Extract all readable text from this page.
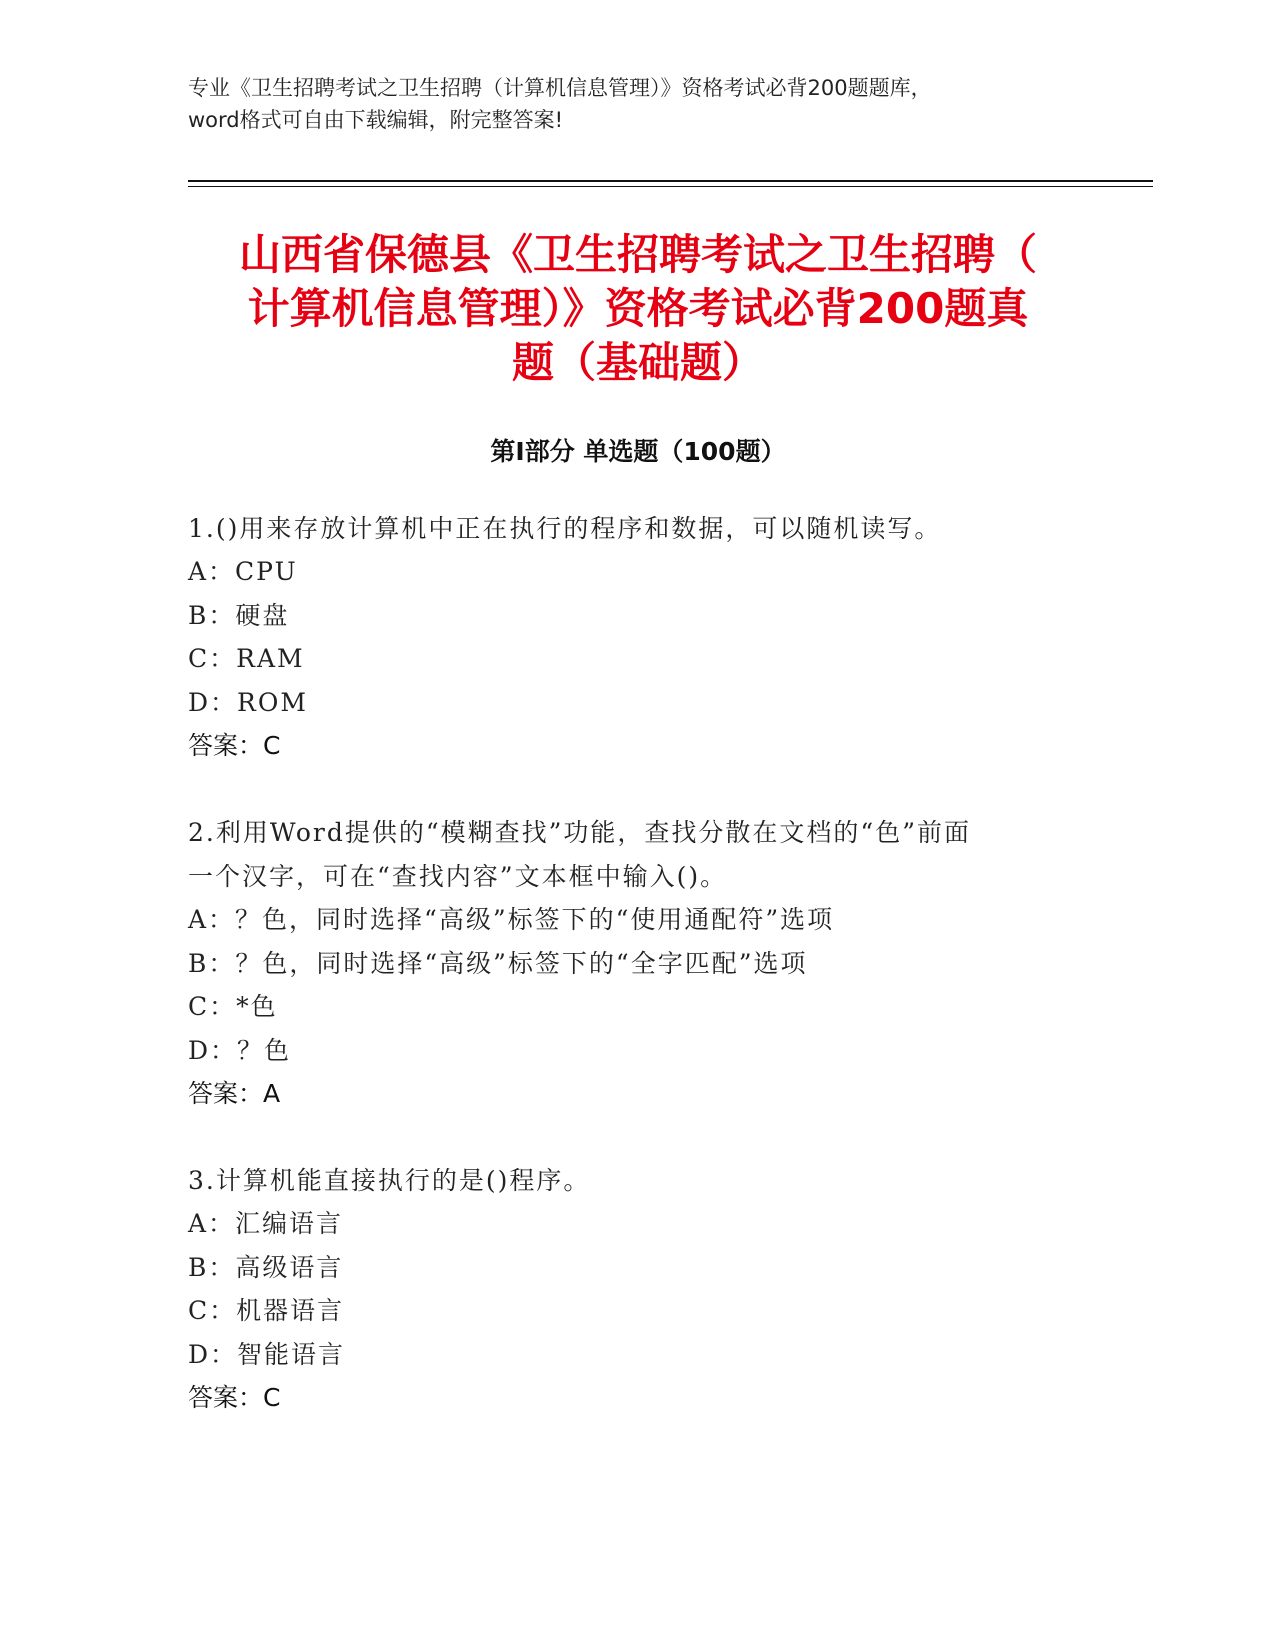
专业《卫生招聘考试之卫生招聘（计算机信息管理）》资格考试必背200题题库，
word格式可自由下载编辑，附完整答案!
山西省保德县《卫生招聘考试之卫生招聘（
计算机信息管理）》资格考试必背200题真
题（基础题）
第Ⅰ部分 单选题（100题）
1.()用来存放计算机中正在执行的程序和数据，可以随机读写。
A：CPU
B：硬盘
C：RAM
D：ROM
答案：C
2.利用Word提供的“模糊查找”功能，查找分散在文档的“色”前面
一个汉字，可在“查找内容”文本框中输入()。
A：？色，同时选择“高级”标签下的“使用通配符”选项
B：？色，同时选择“高级”标签下的“全字匹配”选项
C：*色
D：？色
答案：A
3.计算机能直接执行的是()程序。
A：汇编语言
B：高级语言
C：机器语言
D：智能语言
答案：C
